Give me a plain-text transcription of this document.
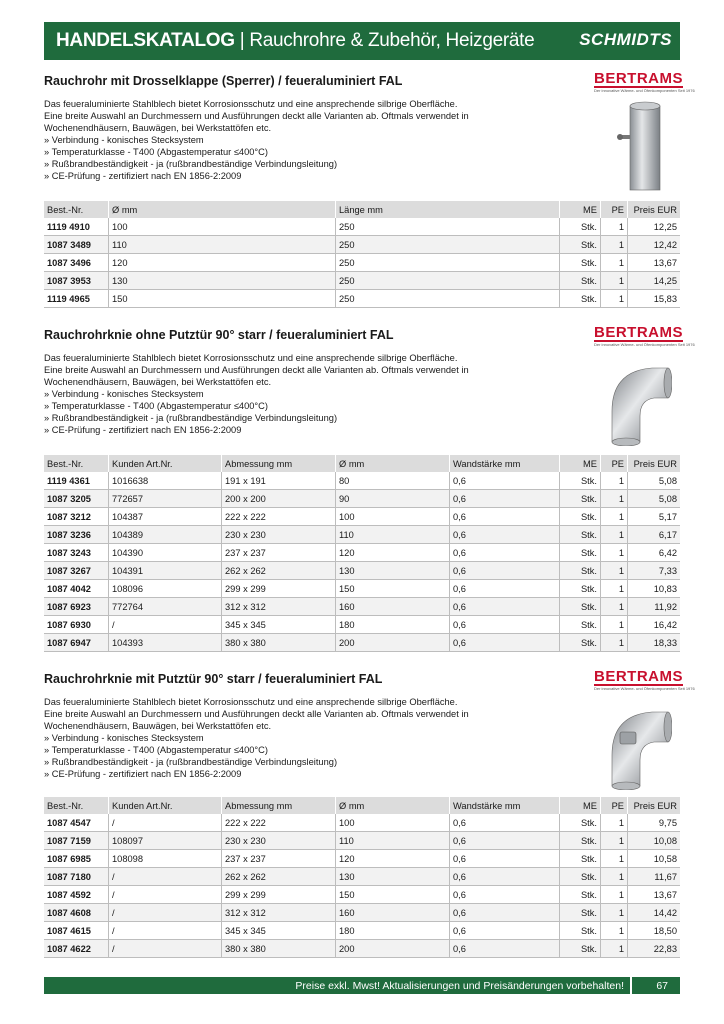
HANDELSKATALOG | Rauchrohre & Zubehör, Heizgeräte	SCHMIDTS
Rauchrohr mit Drosselklappe (Sperrer) / feueraluminiert FAL	BERTRAMS
Der innovative Wärme- und Öfenkomponenten Seit 1976
Das feueraluminierte Stahlblech bietet Korrosionsschutz und eine ansprechende silbrige Oberfläche.
Eine breite Auswahl an Durchmessern und Ausführungen deckt alle Varianten ab. Oftmals verwendet in
Wochenendhäusern, Bauwägen, bei Werkstattöfen etc.
» Verbindung - konisches Stecksystem
» Temperaturklasse - T400 (Abgastemperatur ≤400°C)
» Rußbrandbeständigkeit - ja (rußbrandbeständige Verbindungsleitung)
» CE-Prüfung - zertifiziert nach EN 1856-2:2009
Best.-Nr.	Ø mm	Länge mm	ME	PE	Preis EUR
1119 4910	100	250	Stk.	1	12,25
1087 3489	110	250	Stk.	1	12,42
1087 3496	120	250	Stk.	1	13,67
1087 3953	130	250	Stk.	1	14,25
1119 4965	150	250	Stk.	1	15,83
Rauchrohrknie ohne Putztür 90° starr / feueraluminiert FAL	BERTRAMS
Der innovative Wärme- und Öfenkomponenten Seit 1976
Das feueraluminierte Stahlblech bietet Korrosionsschutz und eine ansprechende silbrige Oberfläche.
Eine breite Auswahl an Durchmessern und Ausführungen deckt alle Varianten ab. Oftmals verwendet in
Wochenendhäusern, Bauwägen, bei Werkstattöfen etc.
» Verbindung - konisches Stecksystem
» Temperaturklasse - T400 (Abgastemperatur ≤400°C)
» Rußbrandbeständigkeit - ja (rußbrandbeständige Verbindungsleitung)
» CE-Prüfung - zertifiziert nach EN 1856-2:2009
Best.-Nr.	Kunden Art.Nr.	Abmessung mm	Ø mm	Wandstärke mm	ME	PE	Preis EUR
1119 4361	1016638	191 x 191	80	0,6	Stk.	1	5,08
1087 3205	772657	200 x 200	90	0,6	Stk.	1	5,08
1087 3212	104387	222 x 222	100	0,6	Stk.	1	5,17
1087 3236	104389	230 x 230	110	0,6	Stk.	1	6,17
1087 3243	104390	237 x 237	120	0,6	Stk.	1	6,42
1087 3267	104391	262 x 262	130	0,6	Stk.	1	7,33
1087 4042	108096	299 x 299	150	0,6	Stk.	1	10,83
1087 6923	772764	312 x 312	160	0,6	Stk.	1	11,92
1087 6930	/	345 x 345	180	0,6	Stk.	1	16,42
1087 6947	104393	380 x 380	200	0,6	Stk.	1	18,33
Rauchrohrknie mit Putztür 90° starr / feueraluminiert FAL	BERTRAMS
Der innovative Wärme- und Öfenkomponenten Seit 1976
Das feueraluminierte Stahlblech bietet Korrosionsschutz und eine ansprechende silbrige Oberfläche.
Eine breite Auswahl an Durchmessern und Ausführungen deckt alle Varianten ab. Oftmals verwendet in
Wochenendhäusern, Bauwägen, bei Werkstattöfen etc.
» Verbindung - konisches Stecksystem
» Temperaturklasse - T400 (Abgastemperatur ≤400°C)
» Rußbrandbeständigkeit - ja (rußbrandbeständige Verbindungsleitung)
» CE-Prüfung - zertifiziert nach EN 1856-2:2009
Best.-Nr.	Kunden Art.Nr.	Abmessung mm	Ø mm	Wandstärke mm	ME	PE	Preis EUR
1087 4547	/	222 x 222	100	0,6	Stk.	1	9,75
1087 7159	108097	230 x 230	110	0,6	Stk.	1	10,08
1087 6985	108098	237 x 237	120	0,6	Stk.	1	10,58
1087 7180	/	262 x 262	130	0,6	Stk.	1	11,67
1087 4592	/	299 x 299	150	0,6	Stk.	1	13,67
1087 4608	/	312 x 312	160	0,6	Stk.	1	14,42
1087 4615	/	345 x 345	180	0,6	Stk.	1	18,50
1087 4622	/	380 x 380	200	0,6	Stk.	1	22,83
Preise exkl. Mwst! Aktualisierungen und Preisänderungen vorbehalten!	67
